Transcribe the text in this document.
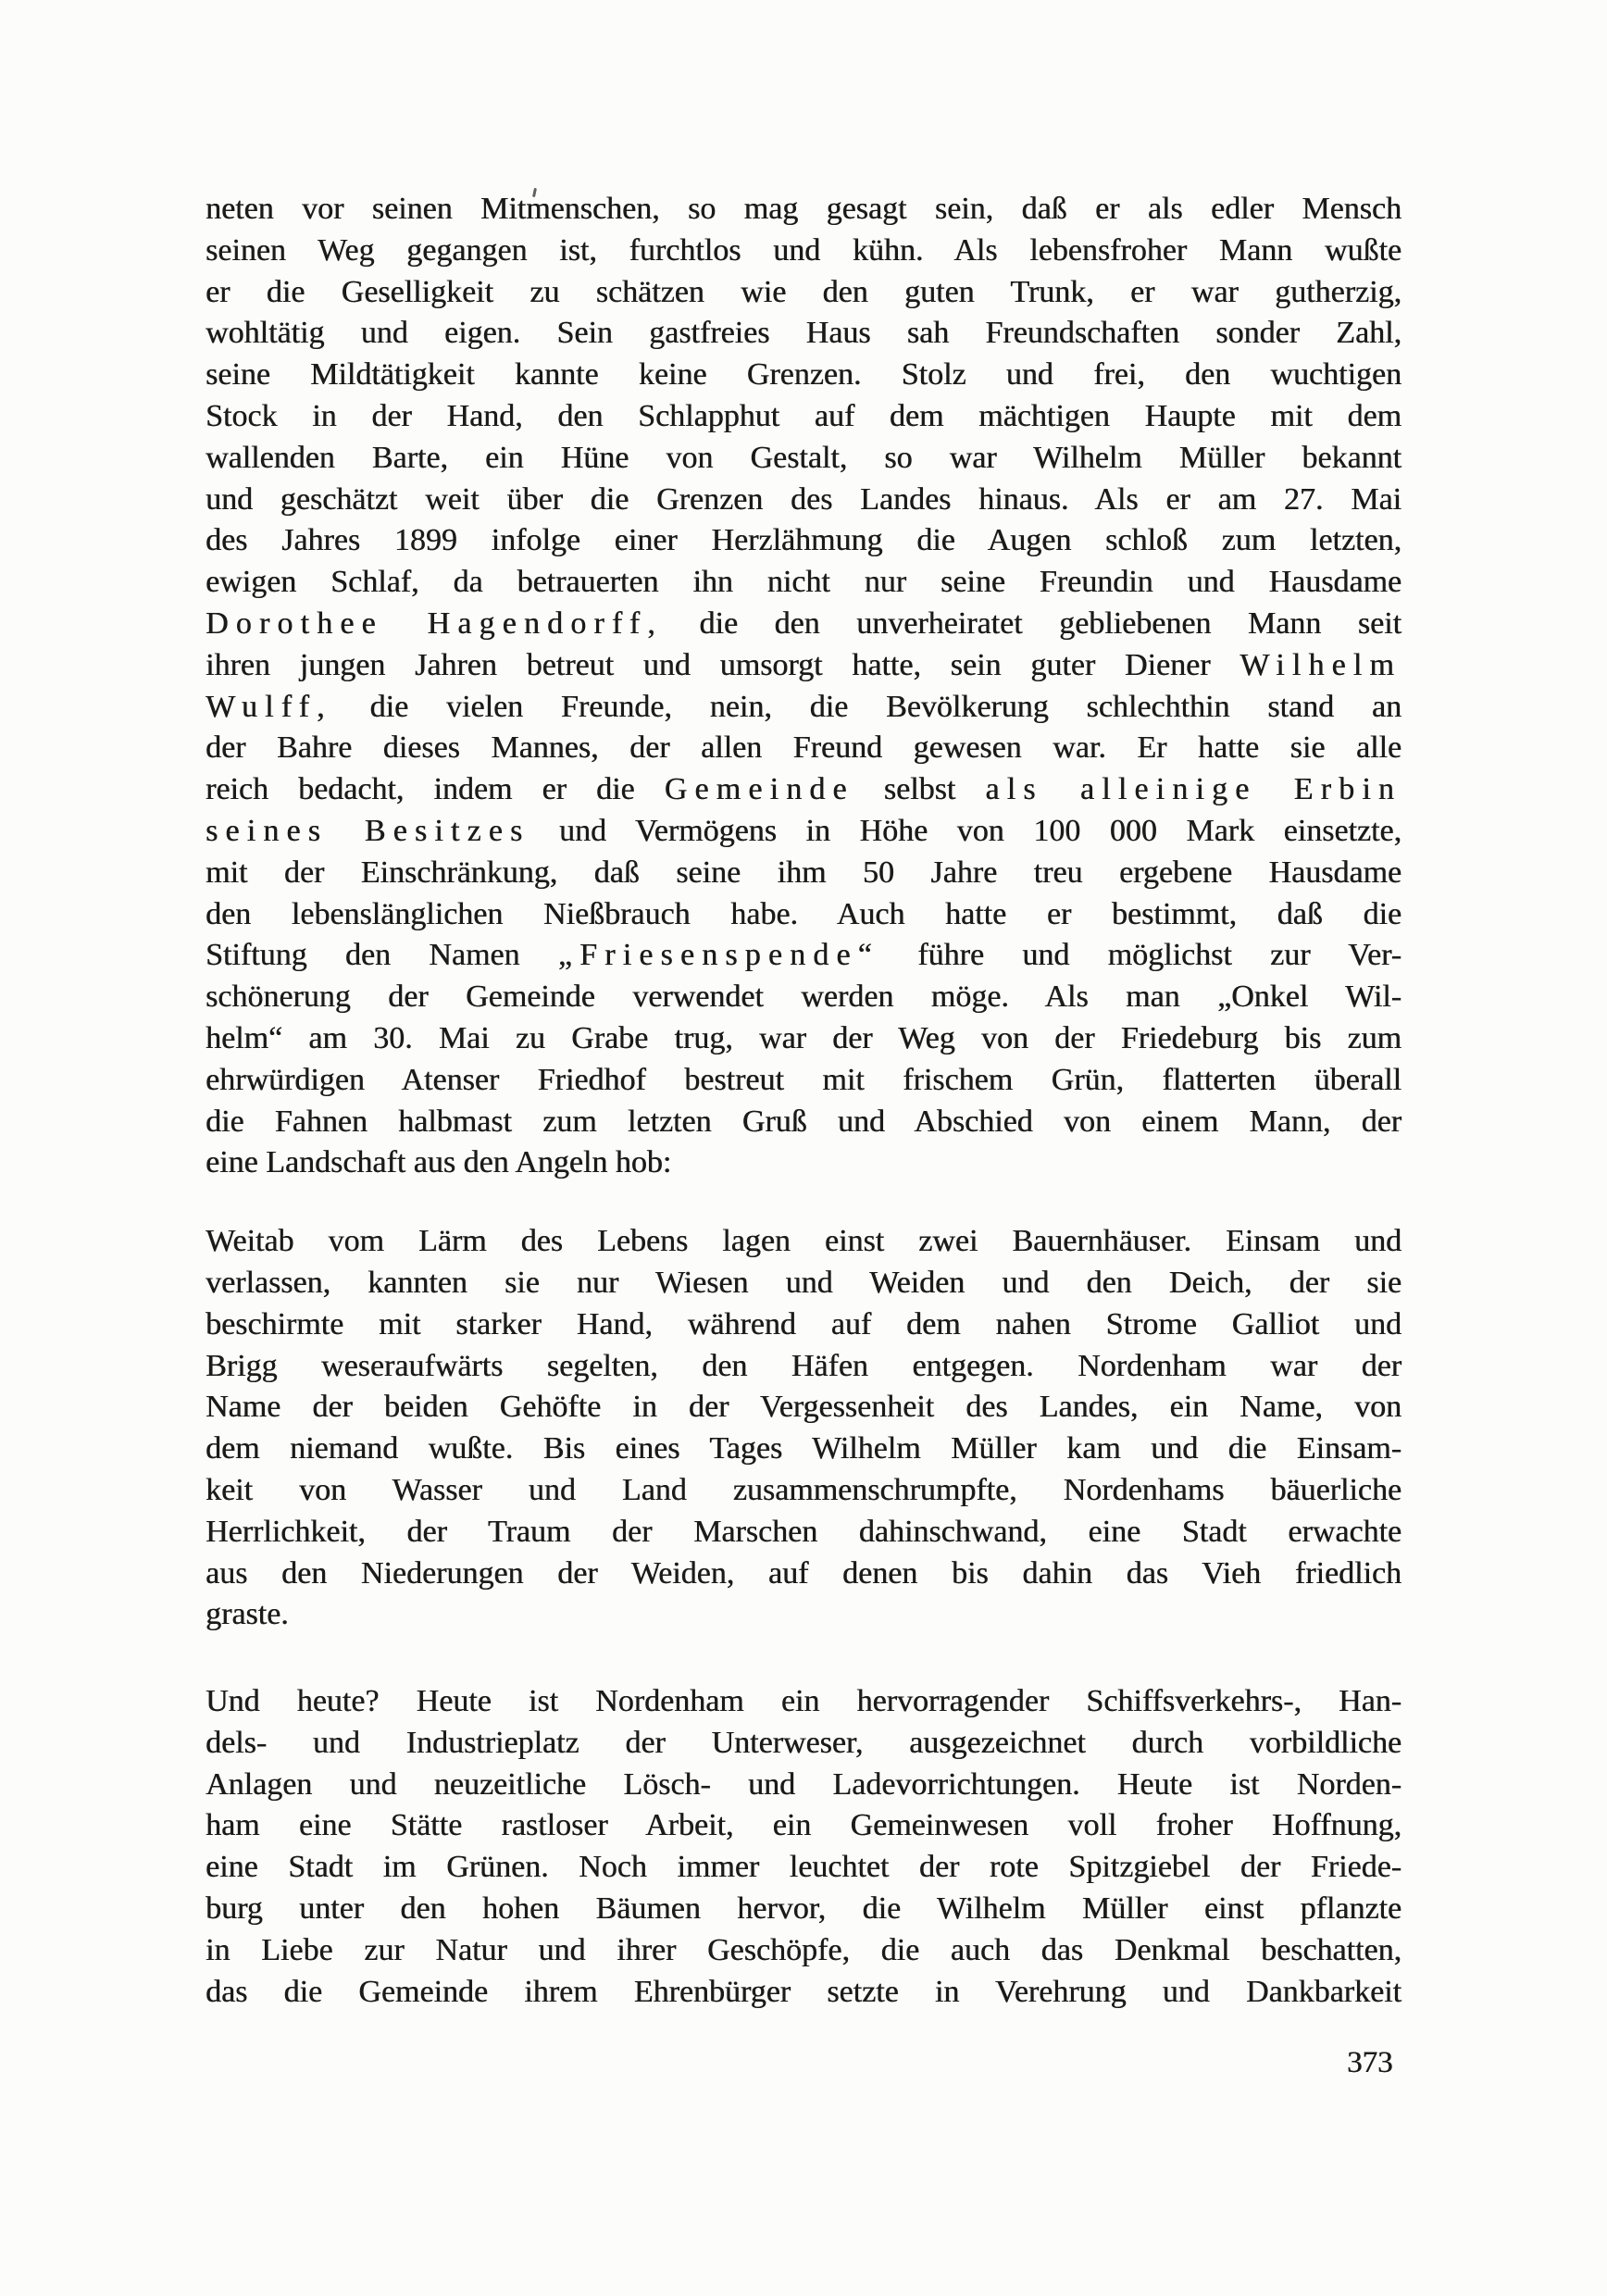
neten vor seinen Mitmenschen, so mag gesagt sein, daß er als edler Mensch
seinen Weg gegangen ist, furchtlos und kühn. Als lebensfroher Mann wußte
er die Geselligkeit zu schätzen wie den guten Trunk, er war gutherzig,
wohltätig und eigen. Sein gastfreies Haus sah Freundschaften sonder Zahl,
seine Mildtätigkeit kannte keine Grenzen. Stolz und frei, den wuchtigen
Stock in der Hand, den Schlapphut auf dem mächtigen Haupte mit dem
wallenden Barte, ein Hüne von Gestalt, so war Wilhelm Müller bekannt
und geschätzt weit über die Grenzen des Landes hinaus. Als er am 27. Mai
des Jahres 1899 infolge einer Herzlähmung die Augen schloß zum letzten,
ewigen Schlaf, da betrauerten ihn nicht nur seine Freundin und Hausdame
Dorothee Hagendorff, die den unverheiratet gebliebenen Mann seit
ihren jungen Jahren betreut und umsorgt hatte, sein guter Diener Wilhelm
Wulff, die vielen Freunde, nein, die Bevölkerung schlechthin stand an
der Bahre dieses Mannes, der allen Freund gewesen war. Er hatte sie alle
reich bedacht, indem er die Gemeinde selbst als alleinige Erbin
seines Besitzes und Vermögens in Höhe von 100 000 Mark einsetzte,
mit der Einschränkung, daß seine ihm 50 Jahre treu ergebene Hausdame
den lebenslänglichen Nießbrauch habe. Auch hatte er bestimmt, daß die
Stiftung den Namen „Friesenspende“ führe und möglichst zur Ver-
schönerung der Gemeinde verwendet werden möge. Als man „Onkel Wil-
helm“ am 30. Mai zu Grabe trug, war der Weg von der Friedeburg bis zum
ehrwürdigen Atenser Friedhof bestreut mit frischem Grün, flatterten überall
die Fahnen halbmast zum letzten Gruß und Abschied von einem Mann, der
eine Landschaft aus den Angeln hob:
Weitab vom Lärm des Lebens lagen einst zwei Bauernhäuser. Einsam und
verlassen, kannten sie nur Wiesen und Weiden und den Deich, der sie
beschirmte mit starker Hand, während auf dem nahen Strome Galliot und
Brigg weseraufwärts segelten, den Häfen entgegen. Nordenham war der
Name der beiden Gehöfte in der Vergessenheit des Landes, ein Name, von
dem niemand wußte. Bis eines Tages Wilhelm Müller kam und die Einsam-
keit von Wasser und Land zusammenschrumpfte, Nordenhams bäuerliche
Herrlichkeit, der Traum der Marschen dahinschwand, eine Stadt erwachte
aus den Niederungen der Weiden, auf denen bis dahin das Vieh friedlich
graste.
Und heute? Heute ist Nordenham ein hervorragender Schiffsverkehrs-, Han-
dels- und Industrieplatz der Unterweser, ausgezeichnet durch vorbildliche
Anlagen und neuzeitliche Lösch- und Ladevorrichtungen. Heute ist Norden-
ham eine Stätte rastloser Arbeit, ein Gemeinwesen voll froher Hoffnung,
eine Stadt im Grünen. Noch immer leuchtet der rote Spitzgiebel der Friede-
burg unter den hohen Bäumen hervor, die Wilhelm Müller einst pflanzte
in Liebe zur Natur und ihrer Geschöpfe, die auch das Denkmal beschatten,
das die Gemeinde ihrem Ehrenbürger setzte in Verehrung und Dankbarkeit
373
